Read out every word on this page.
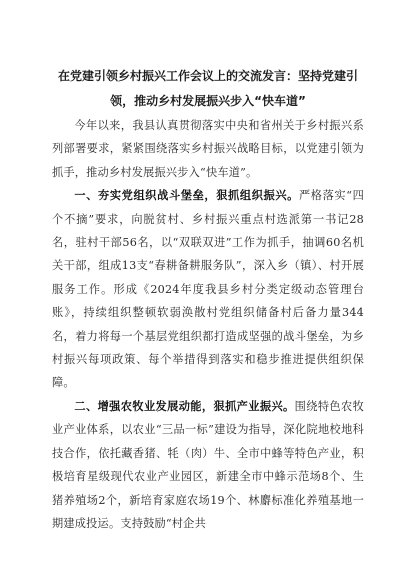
在党建引领乡村振兴工作会议上的交流发言：坚持党建引领，推动乡村发展振兴步入“快车道”

今年以来，我县认真贯彻落实中央和省州关于乡村振兴系列部署要求，紧紧围绕落实乡村振兴战略目标，以党建引领为抓手，推动乡村发展振兴步入“快车道”。

一、夯实党组织战斗堡垒，狠抓组织振兴。严格落实“四个不摘”要求，向脱贫村、乡村振兴重点村选派第一书记28名，驻村干部56名，以“双联双进”工作为抓手，抽调60名机关干部，组成13支“春耕备耕服务队”，深入乡（镇）、村开展服务工作。形成《2024年度我县乡村分类定级动态管理台账》，持续组织整顿软弱涣散村党组织储备村后备力量344名，着力将每一个基层党组织都打造成坚强的战斗堡垒，为乡村振兴每项政策、每个举措得到落实和稳步推进提供组织保障。

二、增强农牧业发展动能，狠抓产业振兴。围绕特色农牧业产业体系，以农业“三品一标”建设为指导，深化院地校地科技合作，依托藏香猪、牦（肉）牛、全市中蜂等特色产业，积极培育星级现代农业产业园区，新建全市中蜂示范场8个、生猪养殖场2个，新培育家庭农场19个、林麝标准化养殖基地一期建成投运。支持鼓励“村企共
